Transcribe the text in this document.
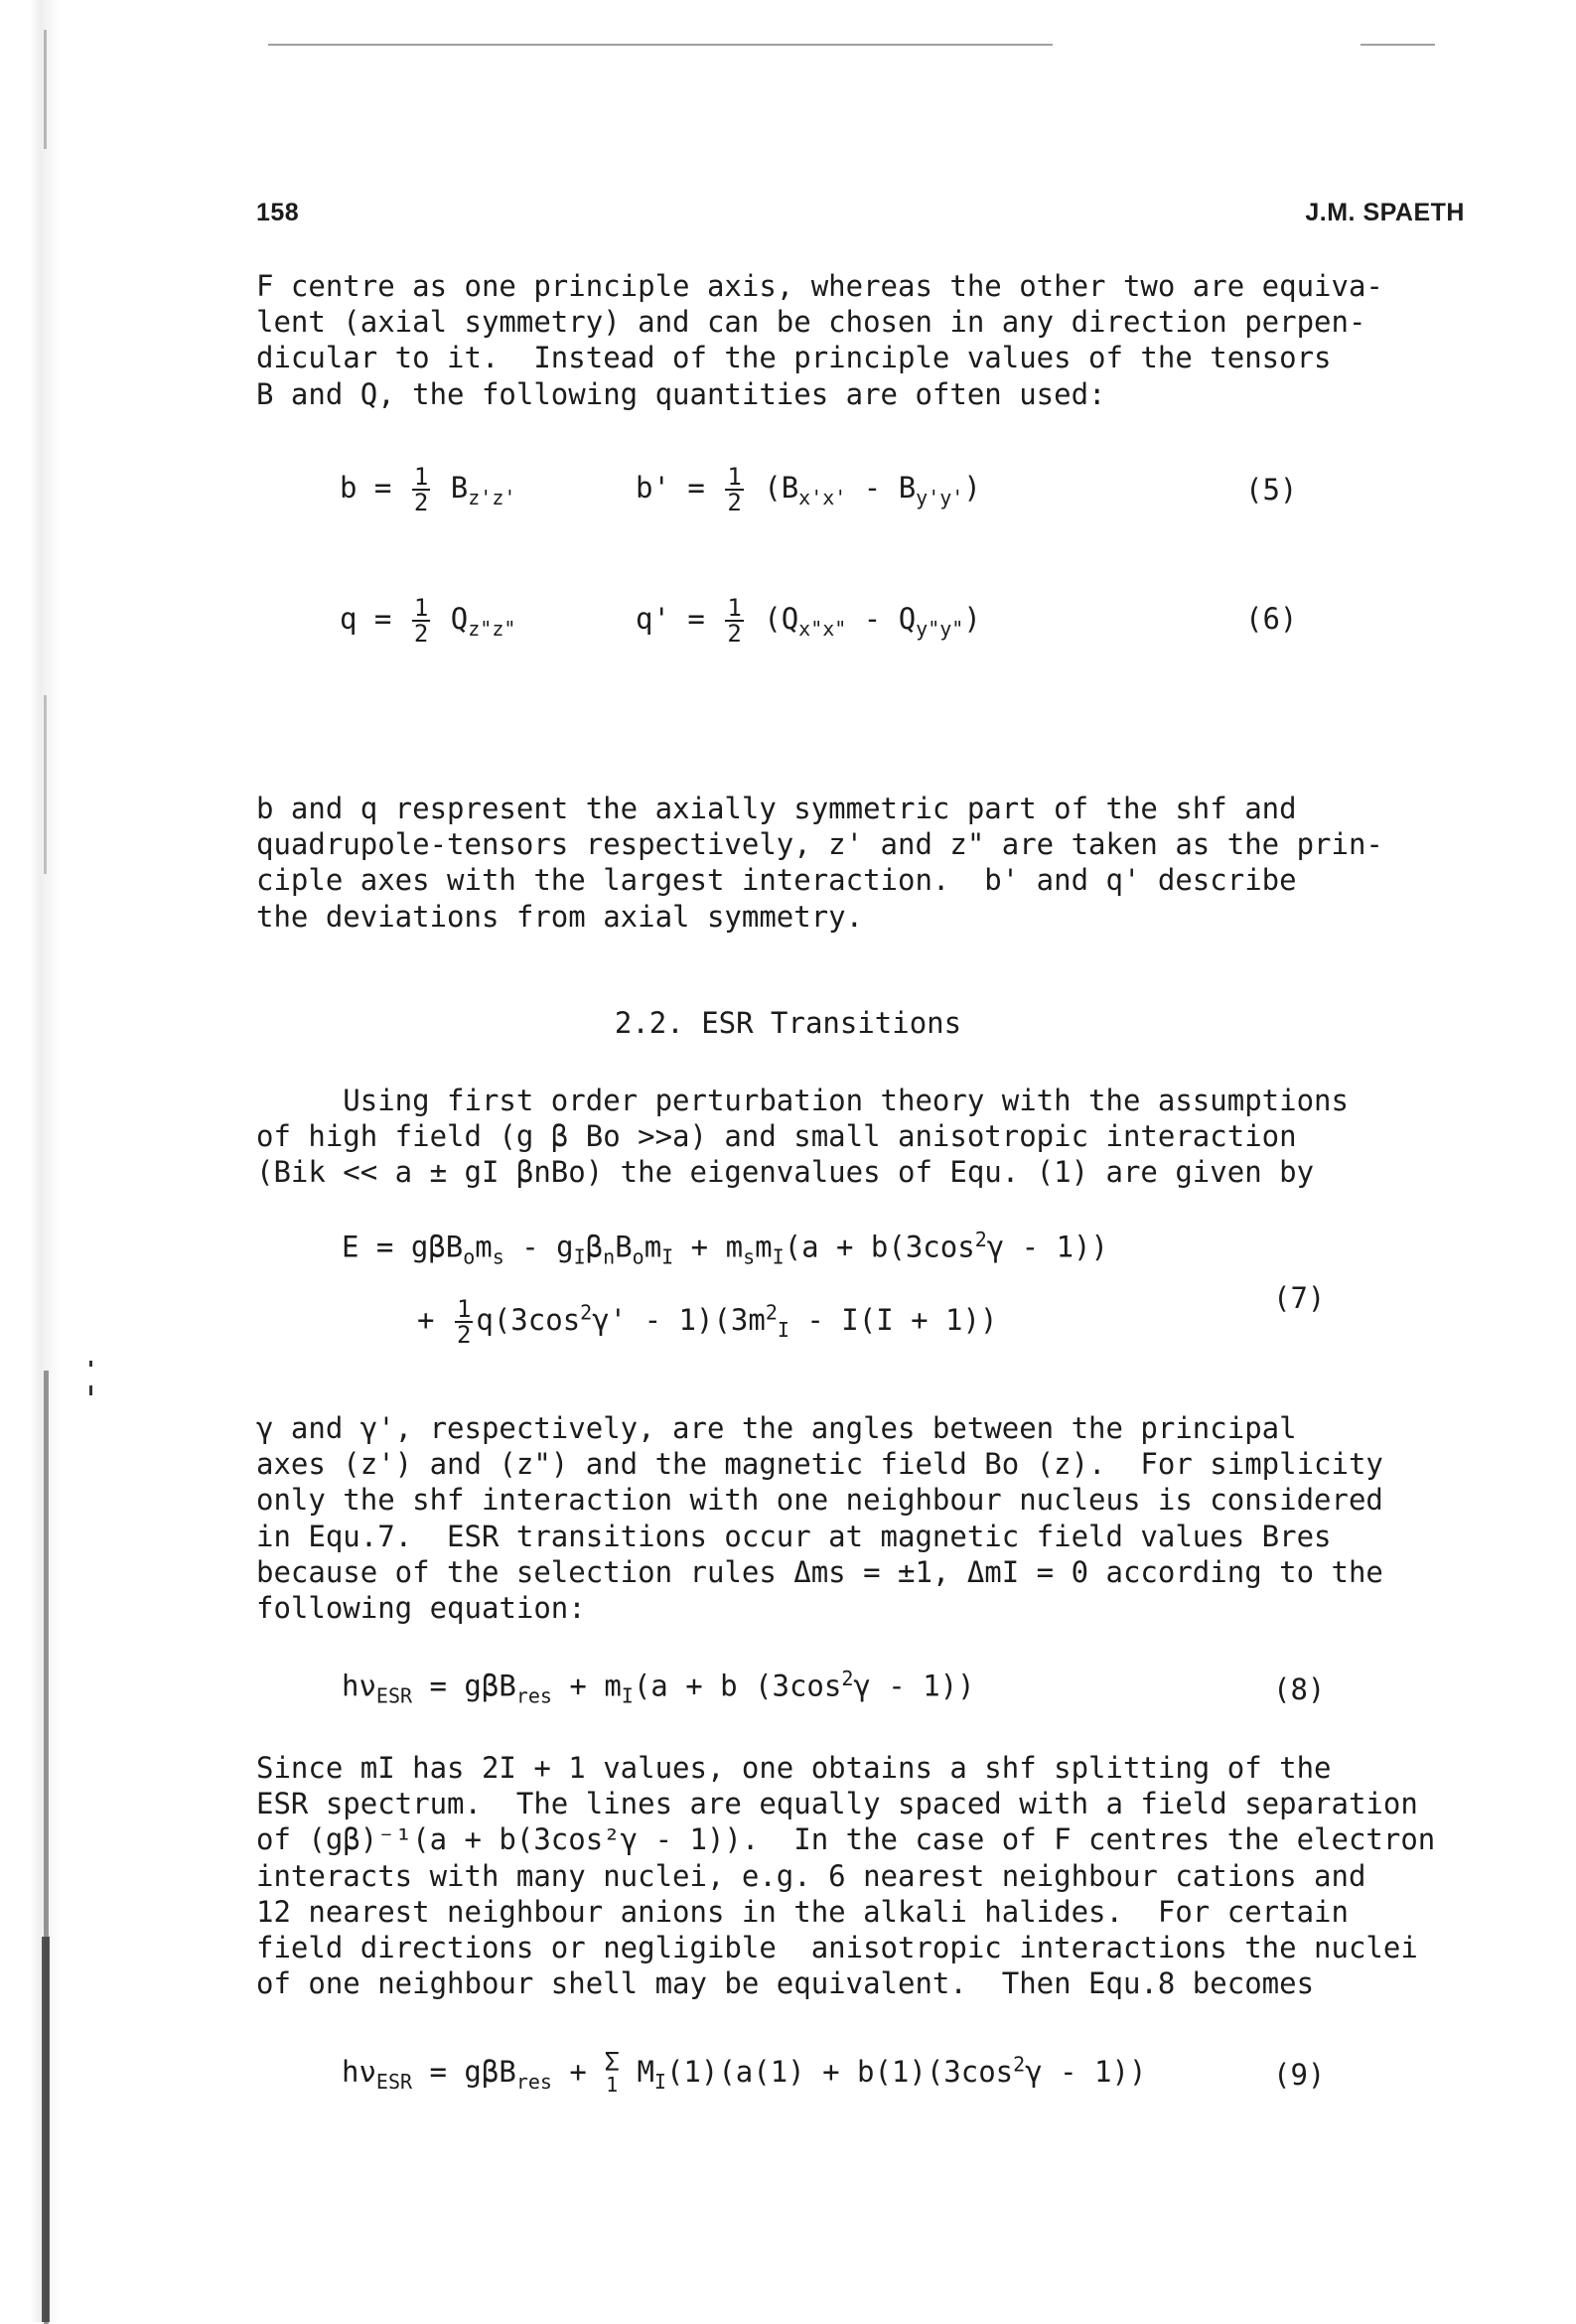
158	J.M. SPAETH
F centre as one principle axis, whereas the other two are equiva-
lent (axial symmetry) and can be chosen in any direction perpen-
dicular to it.  Instead of the principle values of the tensors
B and Q, the following quantities are often used:
$b = \frac{1}{2} B_{z'z'}$	$b' = \frac{1}{2} (B_{x'x'} - B_{y'y'})$	(5)
$q = \frac{1}{2} Q_{z"z"}$	$q' = \frac{1}{2} (Q_{x"x"} - Q_{y"y"})$	(6)
b and q respresent the axially symmetric part of the shf and
quadrupole-tensors respectively, z' and z" are taken as the prin-
ciple axes with the largest interaction.  b' and q' describe
the deviations from axial symmetry.
2.2. ESR Transitions
Using first order perturbation theory with the assumptions
of high field (g β Bo >>a) and small anisotropic interaction
(Bik << a ± gI βnBo) the eigenvalues of Equ. (1) are given by
$E = g\beta B_om_s - g_I\beta_nB_om_I + m_sm_I(a + b(3\cos^2\gamma - 1))$
+ $\frac{1}{2} q(3\cos^2\gamma' - 1)(3m^2_I - I(I + 1))$
(7)
γ and γ', respectively, are the angles between the principal
axes (z') and (z") and the magnetic field Bo (z).  For simplicity
only the shf interaction with one neighbour nucleus is considered
in Equ.7.  ESR transitions occur at magnetic field values Bres
because of the selection rules Δms = ±1, ΔmI = 0 according to the
following equation:
$h\nu_{ESR} = g\beta B_{res} + m_I(a + b$ $(3\cos^2\gamma - 1)$)	(8)
Since mI has 2I + 1 values, one obtains a shf splitting of the
ESR spectrum.  The lines are equally spaced with a field separation
of (gβ)⁻¹(a + b(3cos²γ - 1)).  In the case of F centres the electron
interacts with many nuclei, e.g. 6 nearest neighbour cations and
12 nearest neighbour anions in the alkali halides.  For certain
field directions or negligible  anisotropic interactions the nuclei
of one neighbour shell may be equivalent.  Then Equ.8 becomes
$h\nu_{ESR} = g\beta B_{res} + \Sigma$
1 $M_I(1)(a(1) + b(1)(3\cos^2\gamma - 1))$	(9)
